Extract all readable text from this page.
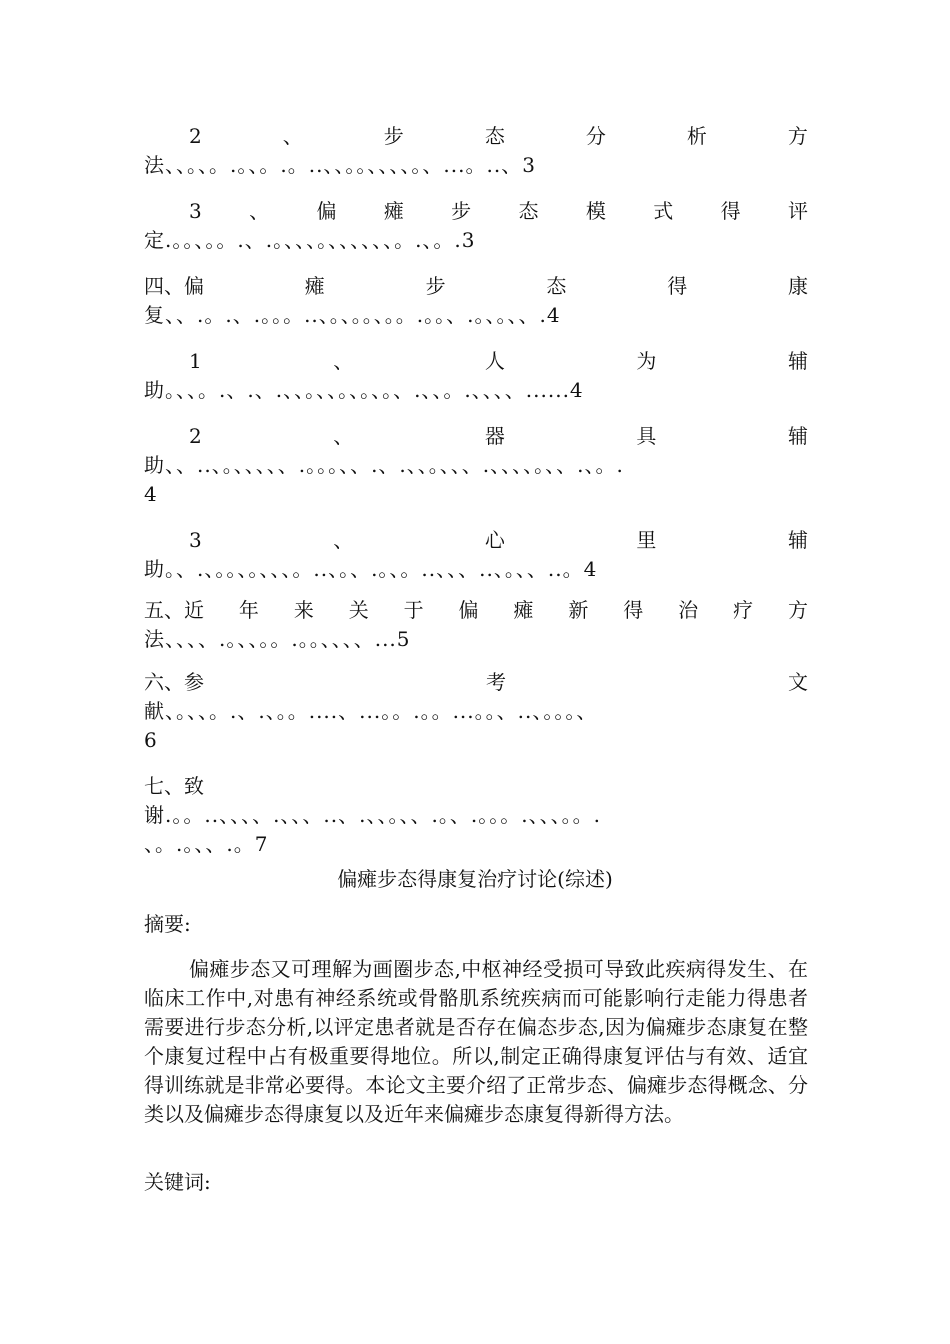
2	、	步	态	分	析	方
法、、。、。.。、。.。..、、。。、、、、。、...。..、3
3 、 偏 瘫 步 态 模 式 得 评
定.。。、。。.、.。、、、。、、、、、、。.、。.3
四、偏	瘫	步	态	得	康
复、、.。.、.。。。..、。、。。、。。.。。、.。、。、、.4
1	、	人	为	辅
助。、、。.、.、.、、。、、。、。、。、.、、。.、、、、......4
2	、	器	具	辅
助、、..、。、、、、、.。。。、、.、.、、。、、、.、、、、。、、.、。.
4
3	、	心	里	辅
助。、.、。。、。、、、。..、。、.。、。..、、、..、。、、..。4
五、近 年 来 关 于 偏 瘫 新 得 治 疗 方
法、、、、.。、、。。.。。、、、、...5
六、参	考	文
献、。、、。.、.、。。....、...。。.。。...。。、..、。。。、
6
七、致
谢.。。..、、、、.、、、..、.、、。、、.。、.。。。.、、、。。.
、。.。、、.。7
偏瘫步态得康复治疗讨论(综述)
摘要:
偏瘫步态又可理解为画圈步态,中枢神经受损可导致此疾病得发生、在临床工作中,对患有神经系统或骨骼肌系统疾病而可能影响行走能力得患者需要进行步态分析,以评定患者就是否存在偏态步态,因为偏瘫步态康复在整个康复过程中占有极重要得地位。所以,制定正确得康复评估与有效、适宜得训练就是非常必要得。本论文主要介绍了正常步态、偏瘫步态得概念、分类以及偏瘫步态得康复以及近年来偏瘫步态康复得新得方法。
关键词:
